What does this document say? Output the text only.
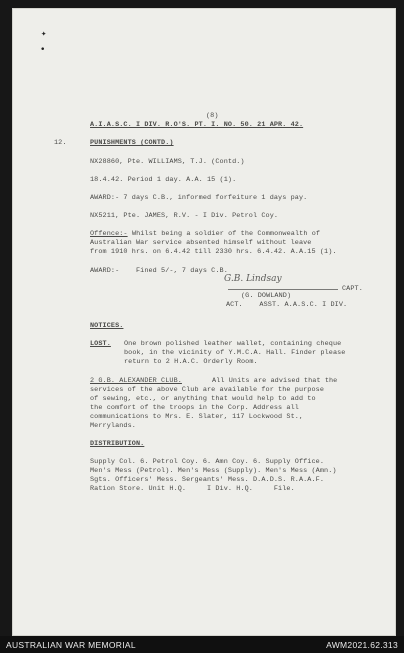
✦
•
(8)
A.I.A.S.C. I DIV. R.O'S. PT. I. NO. 50. 21 APR. 42.
12.	PUNISHMENTS (CONTD.)
NX28860, Pte. WILLIAMS, T.J. (Contd.)
18.4.42. Period 1 day. A.A. 15 (1).
AWARD:- 7 days C.B., informed forfeiture 1 days pay.
NX5211, Pte. JAMES, R.V. - I Div. Petrol Coy.
Offence:- Whilst being a soldier of the Commonwealth of
Australian War service absented himself without leave
from 1910 hrs. on 6.4.42 till 2330 hrs. 6.4.42. A.A.15 (1).
AWARD:-    Fined 5/-, 7 days C.B.
G.B. Lindsay
CAPT.
(G. DOWLAND)
ACT.    ASST. A.A.S.C. I DIV.
NOTICES.
LOST. One brown polished leather wallet, containing cheque
book, in the vicinity of Y.M.C.A. Hall. Finder please
return to 2 H.A.C. Orderly Room.
2 G.B. ALEXANDER CLUB.	All Units are advised that the
services of the above Club are available for the purpose
of sewing, etc., or anything that would help to add to
the comfort of the troops in the Corp. Address all
communications to Mrs. E. Slater, 117 Lockwood St.,
Merrylands.
DISTRIBUTION.
Supply Col. 6. Petrol Coy. 6. Amn Coy. 6. Supply Office.
Men's Mess (Petrol). Men's Mess (Supply). Men's Mess (Amn.)
Sgts. Officers' Mess. Sergeants' Mess. D.A.D.S. R.A.A.F.
Ration Store. Unit H.Q.     I Div. H.Q.     File.
AUSTRALIAN WAR MEMORIAL	AWM2021.62.313
